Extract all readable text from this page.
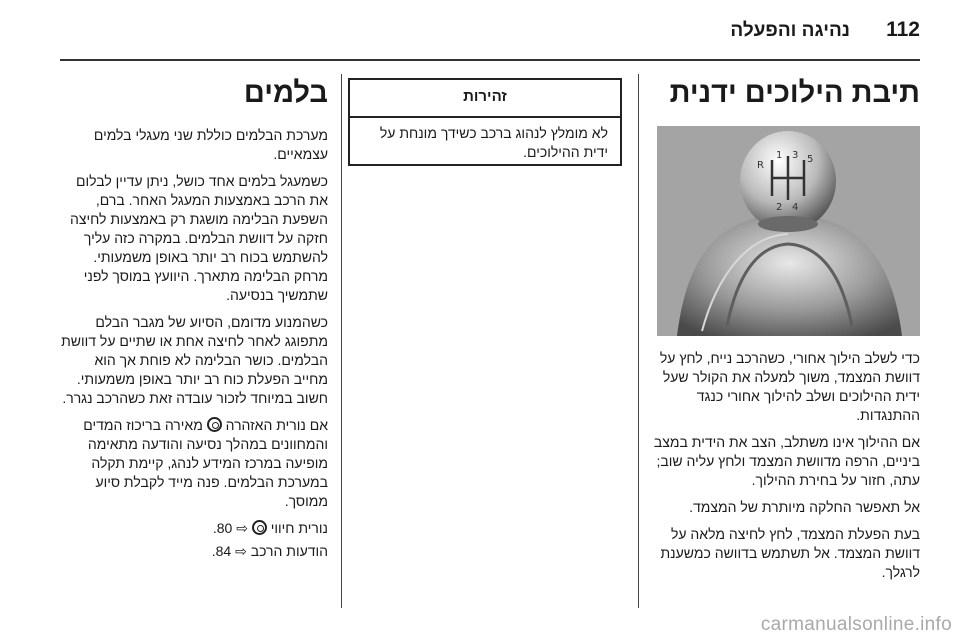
112
נהיגה והפעלה
תיבת הילוכים ידנית
R
1 3 5
2 4

כדי לשלב הילוך אחורי, כשהרכב נייח, לחץ על דוושת המצמד, משוך למעלה את הקולר שעל ידית ההילוכים ושלב להילוך אחורי כנגד ההתנגדות.

אם ההילוך אינו משתלב, הצב את הידית במצב ביניים, הרפה מדוושת המצמד ולחץ עליה שוב; עתה, חזור על בחירת ההילוך.

אל תאפשר החלקה מיותרת של המצמד.

בעת הפעלת המצמד, לחץ לחיצה מלאה על דוושת המצמד. אל תשתמש בדוושה כמשענת לרגלך.

זהירות
לא מומלץ לנהוג ברכב כשידך מונחת על ידית ההילוכים.
בלמים

מערכת הבלמים כוללת שני מעגלי בלמים עצמאיים.

כשמעגל בלמים אחד כושל, ניתן עדיין לבלום את הרכב באמצעות המעגל האחר. ברם, השפעת הבלימה מושגת רק באמצעות לחיצה חזקה על דוושת הבלמים. במקרה כזה עליך להשתמש בכוח רב יותר באופן משמעותי. מרחק הבלימה מתארך. היוועץ במוסך לפני שתמשיך בנסיעה.

כשהמנוע מדומם, הסיוע של מגבר הבלם מתפוגג לאחר לחיצה אחת או שתיים על דוושת הבלמים. כושר הבלימה לא פוחת אך הוא מחייב הפעלת כוח רב יותר באופן משמעותי. חשוב במיוחד לזכור עובדה זאת כשהרכב נגרר.

אם נורית האזהרה  מאירה בריכוז המדים והמחוונים במהלך נסיעה והודעה מתאימה מופיעה במרכז המידע לנהג, קיימת תקלה במערכת הבלמים. פנה מייד לקבלת סיוע ממוסך.

נורית חיווי  ⇨ 80.

הודעות הרכב ⇨ 84.

carmanualsonline.info
